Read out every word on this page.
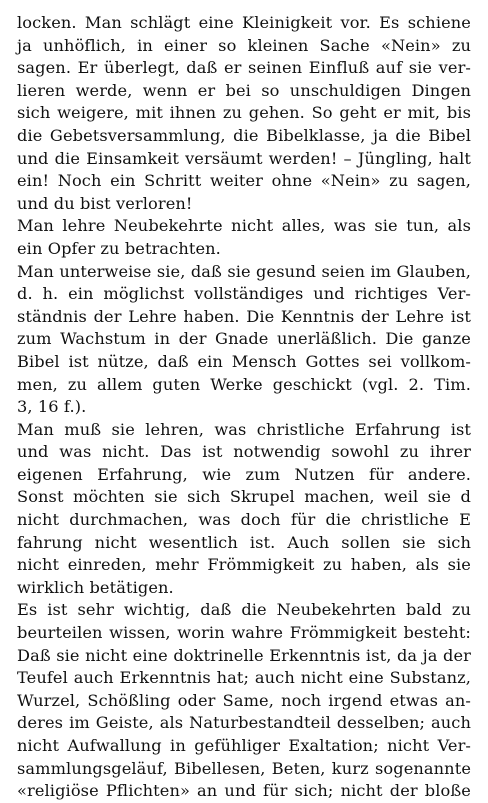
locken. Man schlägt eine Kleinigkeit vor. Es schiene
ja unhöflich, in einer so kleinen Sache «Nein» zu
sagen. Er überlegt, daß er seinen Einfluß auf sie ver-
lieren werde, wenn er bei so unschuldigen Dingen
sich weigere, mit ihnen zu gehen. So geht er mit, bis
die Gebetsversammlung, die Bibelklasse, ja die Bibel
und die Einsamkeit versäumt werden! – Jüngling, halt
ein! Noch ein Schritt weiter ohne «Nein» zu sagen,
und du bist verloren!
Man lehre Neubekehrte nicht alles, was sie tun, als
ein Opfer zu betrachten.
Man unterweise sie, daß sie gesund seien im Glauben,
d. h. ein möglichst vollständiges und richtiges Ver-
ständnis der Lehre haben. Die Kenntnis der Lehre ist
zum Wachstum in der Gnade unerläßlich. Die ganze
Bibel ist nütze, daß ein Mensch Gottes sei vollkom-
men, zu allem guten Werke geschickt (vgl. 2. Tim.
3, 16 f.).
Man muß sie lehren, was christliche Erfahrung ist
und was nicht. Das ist notwendig sowohl zu ihrer
eigenen Erfahrung, wie zum Nutzen für andere.
Sonst möchten sie sich Skrupel machen, weil sie d
nicht durchmachen, was doch für die christliche E
fahrung nicht wesentlich ist. Auch sollen sie sich
nicht einreden, mehr Frömmigkeit zu haben, als sie
wirklich betätigen.
Es ist sehr wichtig, daß die Neubekehrten bald zu
beurteilen wissen, worin wahre Frömmigkeit besteht:
Daß sie nicht eine doktrinelle Erkenntnis ist, da ja der
Teufel auch Erkenntnis hat; auch nicht eine Substanz,
Wurzel, Schößling oder Same, noch irgend etwas an-
deres im Geiste, als Naturbestandteil desselben; auch
nicht Aufwallung in gefühliger Exaltation; nicht Ver-
sammlungsgeläuf, Bibellesen, Beten, kurz sogenannte
«religiöse Pflichten» an und für sich; nicht der bloße
